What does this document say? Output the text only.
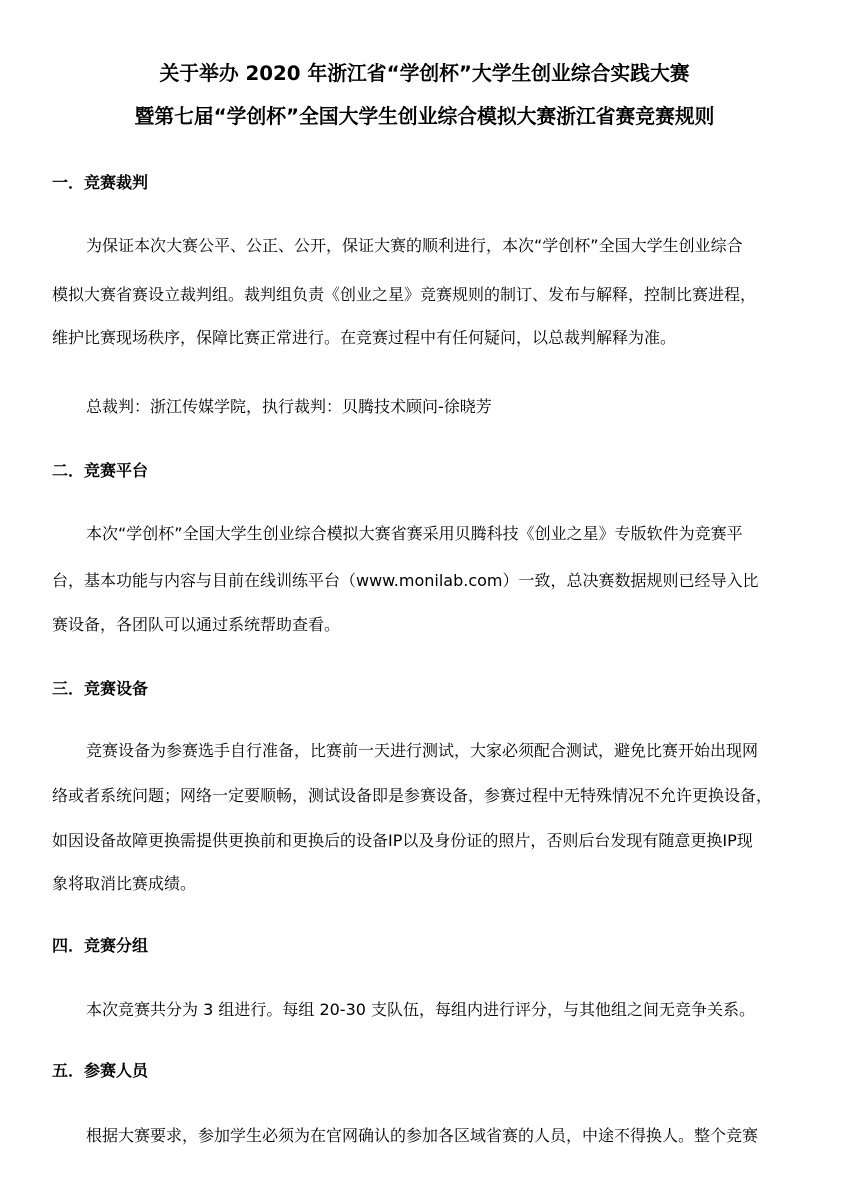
关于举办 2020 年浙江省“学创杯”大学生创业综合实践大赛
暨第七届“学创杯”全国大学生创业综合模拟大赛浙江省赛竞赛规则
一．竞赛裁判
为保证本次大赛公平、公正、公开，保证大赛的顺利进行，本次“学创杯”全国大学生创业综合
模拟大赛省赛设立裁判组。裁判组负责《创业之星》竞赛规则的制订、发布与解释，控制比赛进程，
维护比赛现场秩序，保障比赛正常进行。在竞赛过程中有任何疑问，以总裁判解释为准。
总裁判：浙江传媒学院，执行裁判：贝腾技术顾问-徐晓芳
二．竞赛平台
本次“学创杯”全国大学生创业综合模拟大赛省赛采用贝腾科技《创业之星》专版软件为竞赛平
台，基本功能与内容与目前在线训练平台（www.monilab.com）一致，总决赛数据规则已经导入比
赛设备，各团队可以通过系统帮助查看。
三．竞赛设备
竞赛设备为参赛选手自行准备，比赛前一天进行测试，大家必须配合测试，避免比赛开始出现网
络或者系统问题；网络一定要顺畅，测试设备即是参赛设备，参赛过程中无特殊情况不允许更换设备，
如因设备故障更换需提供更换前和更换后的设备IP以及身份证的照片，否则后台发现有随意更换IP现
象将取消比赛成绩。
四．竞赛分组
本次竞赛共分为 3 组进行。每组 20-30 支队伍，每组内进行评分，与其他组之间无竞争关系。
五．参赛人员
根据大赛要求，参加学生必须为在官网确认的参加各区域省赛的人员，中途不得换人。整个竞赛
